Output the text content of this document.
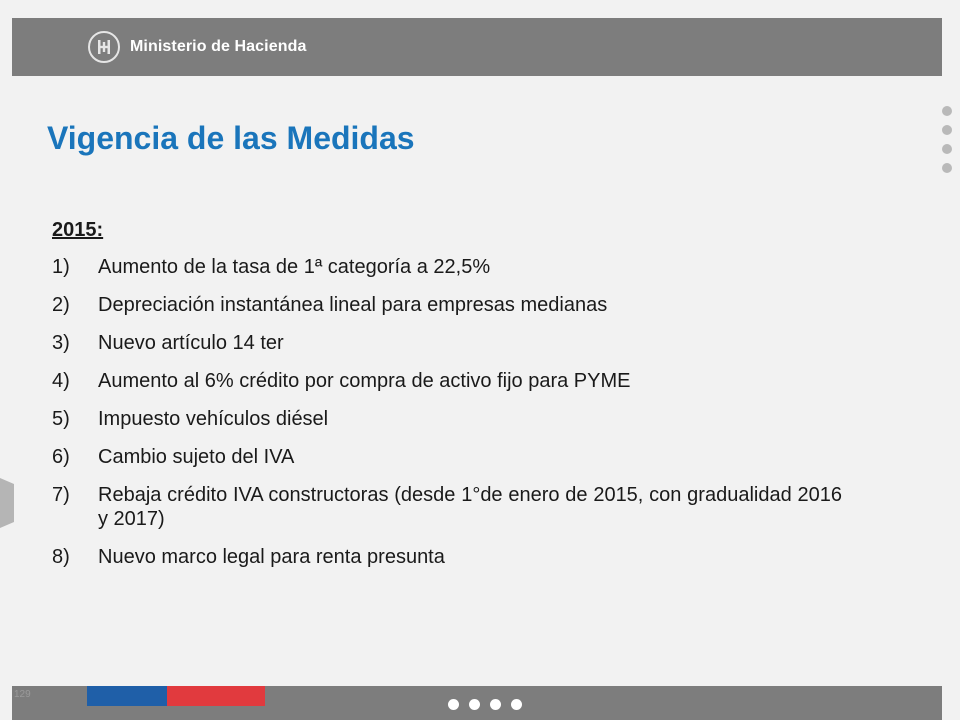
Ministerio de Hacienda
Vigencia de las Medidas
2015:
1)	Aumento de la tasa de 1ª categoría a 22,5%
2)	Depreciación instantánea lineal para empresas medianas
3)	Nuevo artículo 14 ter
4)	Aumento al 6% crédito por compra de activo fijo para PYME
5)	Impuesto vehículos diésel
6)	Cambio sujeto del IVA
7)	Rebaja crédito IVA constructoras (desde 1°de enero de 2015, con gradualidad 2016 y 2017)
8)	Nuevo marco legal para renta presunta
129
